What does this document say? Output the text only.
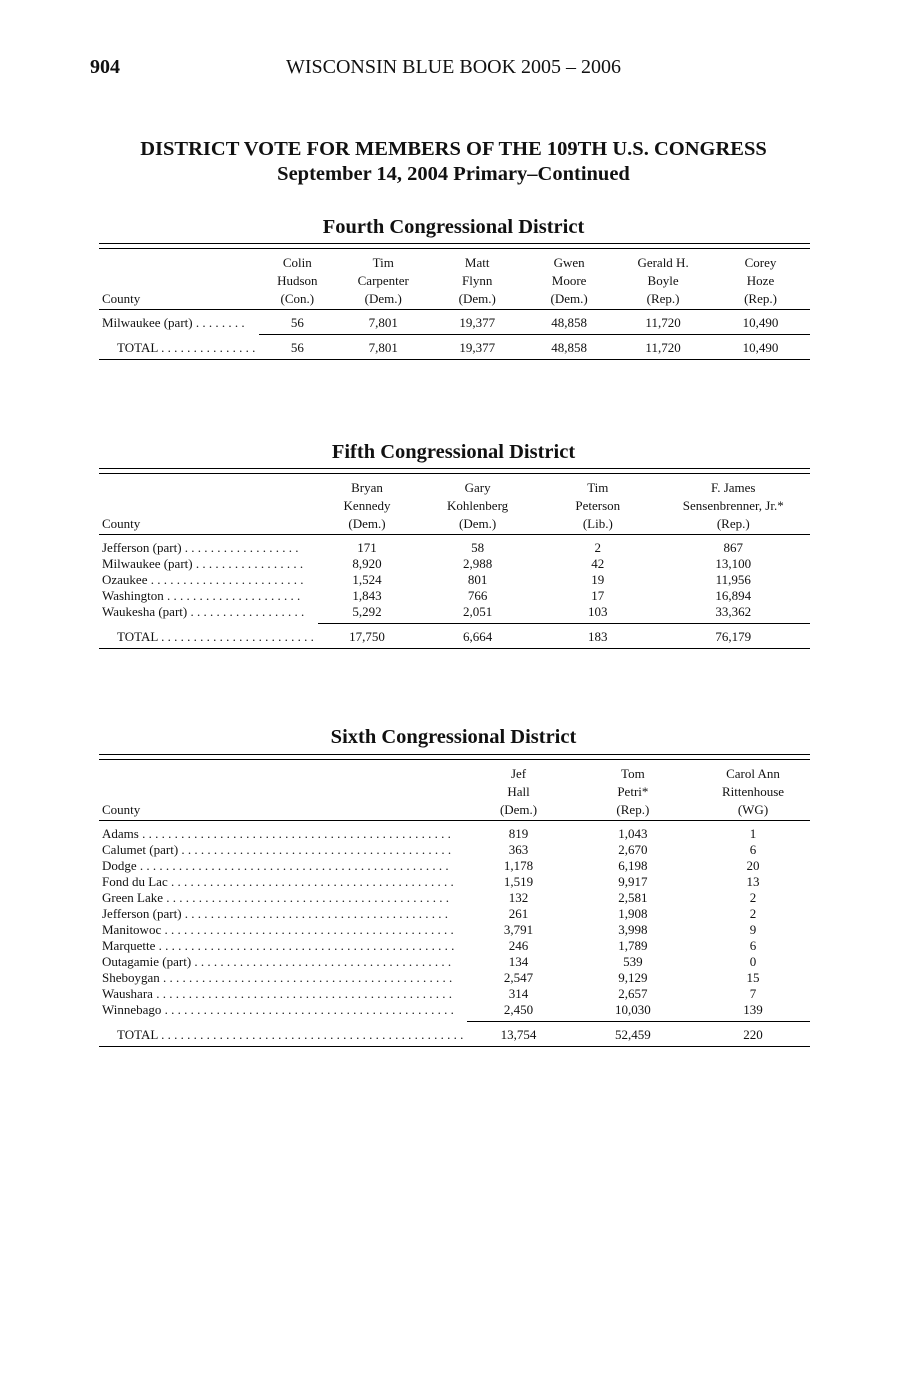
904	WISCONSIN BLUE BOOK 2005 – 2006
DISTRICT VOTE FOR MEMBERS OF THE 109TH U.S. CONGRESS
September 14, 2004 Primary–Continued
Fourth Congressional District
	Colin	Tim	Matt	Gwen	Gerald H.	Corey
	Hudson	Carpenter	Flynn	Moore	Boyle	Hoze
County	(Con.)	(Dem.)	(Dem.)	(Dem.)	(Rep.)	(Rep.)
Milwaukee (part) . . . . . . . .	56	7,801	19,377	48,858	11,720	10,490
TOTAL . . . . . . . . . . . . . . .	56	7,801	19,377	48,858	11,720	10,490

Fifth Congressional District
	Bryan	Gary	Tim	F. James
	Kennedy	Kohlenberg	Peterson	Sensenbrenner, Jr.*
County	(Dem.)	(Dem.)	(Lib.)	(Rep.)
Jefferson (part) . . . . . . . . . . . . . . . . . .	171	58	2	867
Milwaukee (part) . . . . . . . . . . . . . . . . .	8,920	2,988	42	13,100
Ozaukee . . . . . . . . . . . . . . . . . . . . . . . .	1,524	801	19	11,956
Washington . . . . . . . . . . . . . . . . . . . . .	1,843	766	17	16,894
Waukesha (part) . . . . . . . . . . . . . . . . . .	5,292	2,051	103	33,362
TOTAL . . . . . . . . . . . . . . . . . . . . . . . .	17,750	6,664	183	76,179

Sixth Congressional District
	Jef	Tom	Carol Ann
	Hall	Petri*	Rittenhouse
County	(Dem.)	(Rep.)	(WG)
Adams . . . . . . . . . . . . . . . . . . . . . . . . . . . . . . . . . . . . . . . . . . . . . . . .	819	1,043	1
Calumet (part) . . . . . . . . . . . . . . . . . . . . . . . . . . . . . . . . . . . . . . . . . .	363	2,670	6
Dodge . . . . . . . . . . . . . . . . . . . . . . . . . . . . . . . . . . . . . . . . . . . . . . . .	1,178	6,198	20
Fond du Lac . . . . . . . . . . . . . . . . . . . . . . . . . . . . . . . . . . . . . . . . . . . .	1,519	9,917	13
Green Lake . . . . . . . . . . . . . . . . . . . . . . . . . . . . . . . . . . . . . . . . . . . .	132	2,581	2
Jefferson (part) . . . . . . . . . . . . . . . . . . . . . . . . . . . . . . . . . . . . . . . . .	261	1,908	2
Manitowoc . . . . . . . . . . . . . . . . . . . . . . . . . . . . . . . . . . . . . . . . . . . . .	3,791	3,998	9
Marquette . . . . . . . . . . . . . . . . . . . . . . . . . . . . . . . . . . . . . . . . . . . . . .	246	1,789	6
Outagamie (part) . . . . . . . . . . . . . . . . . . . . . . . . . . . . . . . . . . . . . . . .	134	539	0
Sheboygan . . . . . . . . . . . . . . . . . . . . . . . . . . . . . . . . . . . . . . . . . . . . .	2,547	9,129	15
Waushara . . . . . . . . . . . . . . . . . . . . . . . . . . . . . . . . . . . . . . . . . . . . . .	314	2,657	7
Winnebago . . . . . . . . . . . . . . . . . . . . . . . . . . . . . . . . . . . . . . . . . . . . .	2,450	10,030	139
TOTAL . . . . . . . . . . . . . . . . . . . . . . . . . . . . . . . . . . . . . . . . . . . . . . .	13,754	52,459	220
